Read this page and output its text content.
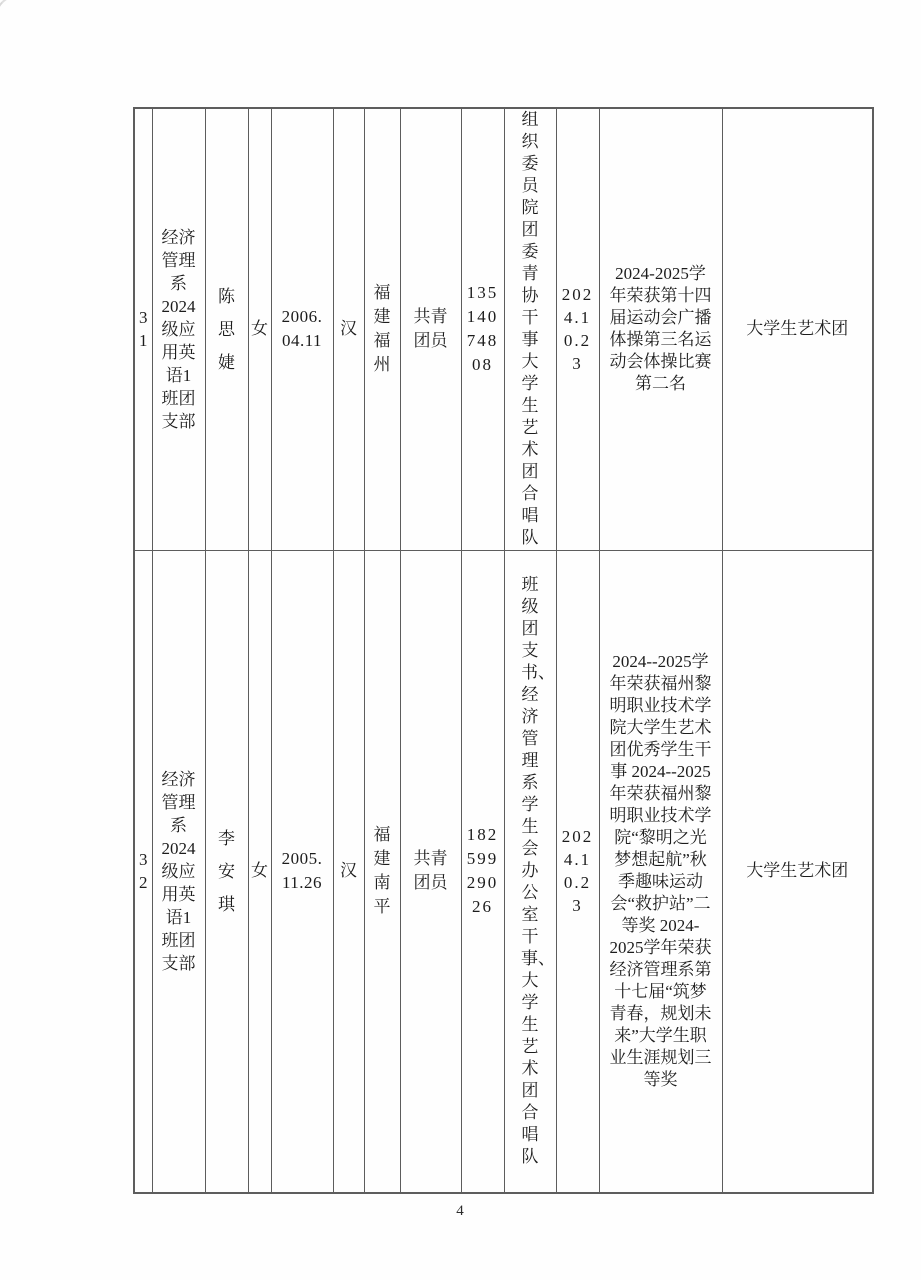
31	经济管理系2024级应用英语1班团支部	陈思婕	女	2006.04.11	汉	福建福州	共青团员	13514074808	组织委员院团委青协干事大学生艺术团合唱队	2024.10.23	2024-2025学年荣获第十四届运动会广播体操第三名运动会体操比赛第二名	大学生艺术团
32	经济管理系2024级应用英语1班团支部	李安琪	女	2005.11.26	汉	福建南平	共青团员	18259929026	班级团支书、经济管理系学生会办公室干事、大学生艺术团合唱队	2024.10.23	2024--2025学年荣获福州黎明职业技术学院大学生艺术团优秀学生干事 2024--2025年荣获福州黎明职业技术学院“黎明之光 梦想起航”秋季趣味运动会“救护站”二等奖 2024-2025学年荣获经济管理系第十七届“筑梦青春，规划未来”大学生职业生涯规划三等奖	大学生艺术团
4
